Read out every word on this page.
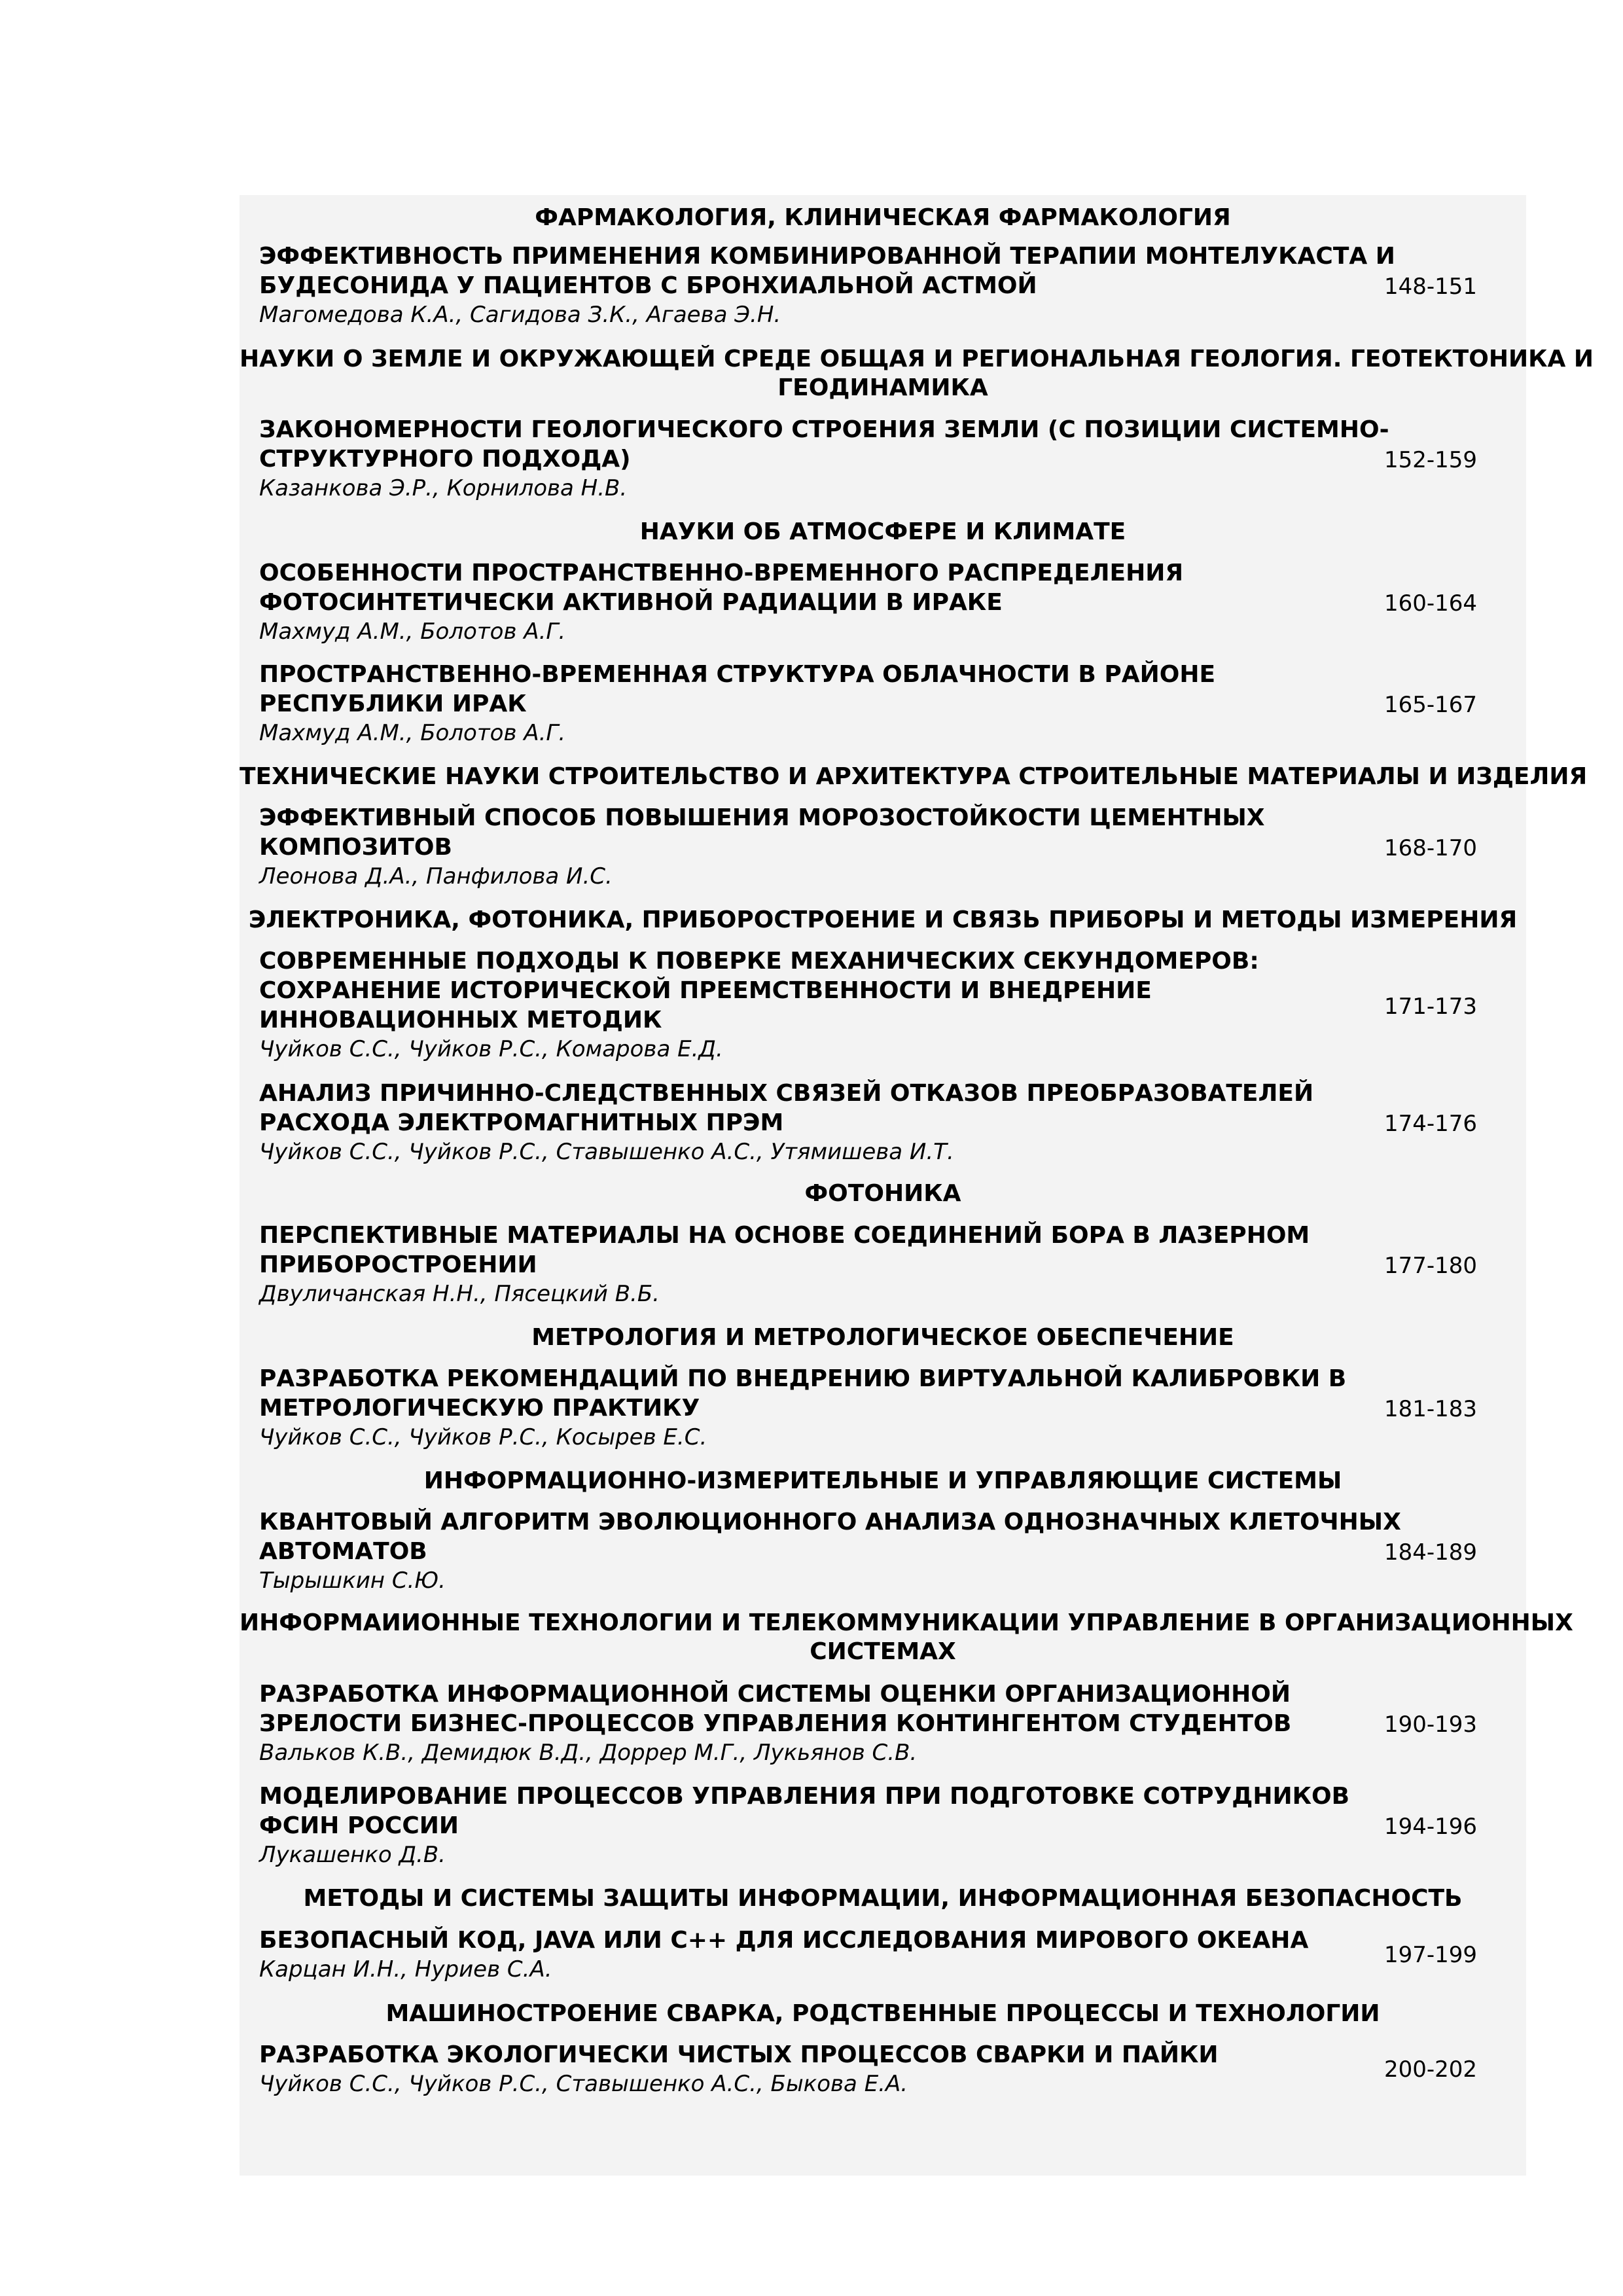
ФАРМАКОЛОГИЯ, КЛИНИЧЕСКАЯ ФАРМАКОЛОГИЯ
ЭФФЕКТИВНОСТЬ ПРИМЕНЕНИЯ КОМБИНИРОВАННОЙ ТЕРАПИИ МОНТЕЛУКАСТА И
БУДЕСОНИДА У ПАЦИЕНТОВ С БРОНХИАЛЬНОЙ АСТМОЙ
Магомедова К.А., Сагидова З.К., Агаева Э.Н.
148-151
НАУКИ О ЗЕМЛЕ И ОКРУЖАЮЩЕЙ СРЕДЕ ОБЩАЯ И РЕГИОНАЛЬНАЯ ГЕОЛОГИЯ. ГЕОТЕКТОНИКА И
ГЕОДИНАМИКА
ЗАКОНОМЕРНОСТИ ГЕОЛОГИЧЕСКОГО СТРОЕНИЯ ЗЕМЛИ (С ПОЗИЦИИ СИСТЕМНО-
СТРУКТУРНОГО ПОДХОДА)
Казанкова Э.Р., Корнилова Н.В.
152-159
НАУКИ ОБ АТМОСФЕРЕ И КЛИМАТЕ
ОСОБЕННОСТИ ПРОСТРАНСТВЕННО-ВРЕМЕННОГО РАСПРЕДЕЛЕНИЯ
ФОТОСИНТЕТИЧЕСКИ АКТИВНОЙ РАДИАЦИИ В ИРАКЕ
Махмуд А.М., Болотов А.Г.
160-164
ПРОСТРАНСТВЕННО-ВРЕМЕННАЯ СТРУКТУРА ОБЛАЧНОСТИ В РАЙОНЕ
РЕСПУБЛИКИ ИРАК
Махмуд А.М., Болотов А.Г.
165-167
ТЕХНИЧЕСКИЕ НАУКИ СТРОИТЕЛЬСТВО И АРХИТЕКТУРА СТРОИТЕЛЬНЫЕ МАТЕРИАЛЫ И ИЗДЕЛИЯ
ЭФФЕКТИВНЫЙ СПОСОБ ПОВЫШЕНИЯ МОРОЗОСТОЙКОСТИ ЦЕМЕНТНЫХ
КОМПОЗИТОВ
Леонова Д.А., Панфилова И.С.
168-170
ЭЛЕКТРОНИКА, ФОТОНИКА, ПРИБОРОСТРОЕНИЕ И СВЯЗЬ ПРИБОРЫ И МЕТОДЫ ИЗМЕРЕНИЯ
СОВРЕМЕННЫЕ ПОДХОДЫ К ПОВЕРКЕ МЕХАНИЧЕСКИХ СЕКУНДОМЕРОВ:
СОХРАНЕНИЕ ИСТОРИЧЕСКОЙ ПРЕЕМСТВЕННОСТИ И ВНЕДРЕНИЕ
ИННОВАЦИОННЫХ МЕТОДИК
Чуйков С.С., Чуйков Р.С., Комарова Е.Д.
171-173
АНАЛИЗ ПРИЧИННО-СЛЕДСТВЕННЫХ СВЯЗЕЙ ОТКАЗОВ ПРЕОБРАЗОВАТЕЛЕЙ
РАСХОДА ЭЛЕКТРОМАГНИТНЫХ ПРЭМ
Чуйков С.С., Чуйков Р.С., Ставышенко А.С., Утямишева И.Т.
174-176
ФОТОНИКА
ПЕРСПЕКТИВНЫЕ МАТЕРИАЛЫ НА ОСНОВЕ СОЕДИНЕНИЙ БОРА В ЛАЗЕРНОМ
ПРИБОРОСТРОЕНИИ
Двуличанская Н.Н., Пясецкий В.Б.
177-180
МЕТРОЛОГИЯ И МЕТРОЛОГИЧЕСКОЕ ОБЕСПЕЧЕНИЕ
РАЗРАБОТКА РЕКОМЕНДАЦИЙ ПО ВНЕДРЕНИЮ ВИРТУАЛЬНОЙ КАЛИБРОВКИ В
МЕТРОЛОГИЧЕСКУЮ ПРАКТИКУ
Чуйков С.С., Чуйков Р.С., Косырев Е.С.
181-183
ИНФОРМАЦИОННО-ИЗМЕРИТЕЛЬНЫЕ И УПРАВЛЯЮЩИЕ СИСТЕМЫ
КВАНТОВЫЙ АЛГОРИТМ ЭВОЛЮЦИОННОГО АНАЛИЗА ОДНОЗНАЧНЫХ КЛЕТОЧНЫХ
АВТОМАТОВ
Тырышкин С.Ю.
184-189
ИНФОРМАИИОННЫЕ ТЕХНОЛОГИИ И ТЕЛЕКОММУНИКАЦИИ УПРАВЛЕНИЕ В ОРГАНИЗАЦИОННЫХ
СИСТЕМАХ
РАЗРАБОТКА ИНФОРМАЦИОННОЙ СИСТЕМЫ ОЦЕНКИ ОРГАНИЗАЦИОННОЙ
ЗРЕЛОСТИ БИЗНЕС-ПРОЦЕССОВ УПРАВЛЕНИЯ КОНТИНГЕНТОМ СТУДЕНТОВ
Вальков К.В., Демидюк В.Д., Доррер М.Г., Лукьянов С.В.
190-193
МОДЕЛИРОВАНИЕ ПРОЦЕССОВ УПРАВЛЕНИЯ ПРИ ПОДГОТОВКЕ СОТРУДНИКОВ
ФСИН РОССИИ
Лукашенко Д.В.
194-196
МЕТОДЫ И СИСТЕМЫ ЗАЩИТЫ ИНФОРМАЦИИ, ИНФОРМАЦИОННАЯ БЕЗОПАСНОСТЬ
БЕЗОПАСНЫЙ КОД, JAVA ИЛИ C++ ДЛЯ ИССЛЕДОВАНИЯ МИРОВОГО ОКЕАНА
Карцан И.Н., Нуриев С.А.
197-199
МАШИНОСТРОЕНИЕ СВАРКА, РОДСТВЕННЫЕ ПРОЦЕССЫ И ТЕХНОЛОГИИ
РАЗРАБОТКА ЭКОЛОГИЧЕСКИ ЧИСТЫХ ПРОЦЕССОВ СВАРКИ И ПАЙКИ
Чуйков С.С., Чуйков Р.С., Ставышенко А.С., Быкова Е.А.
200-202
